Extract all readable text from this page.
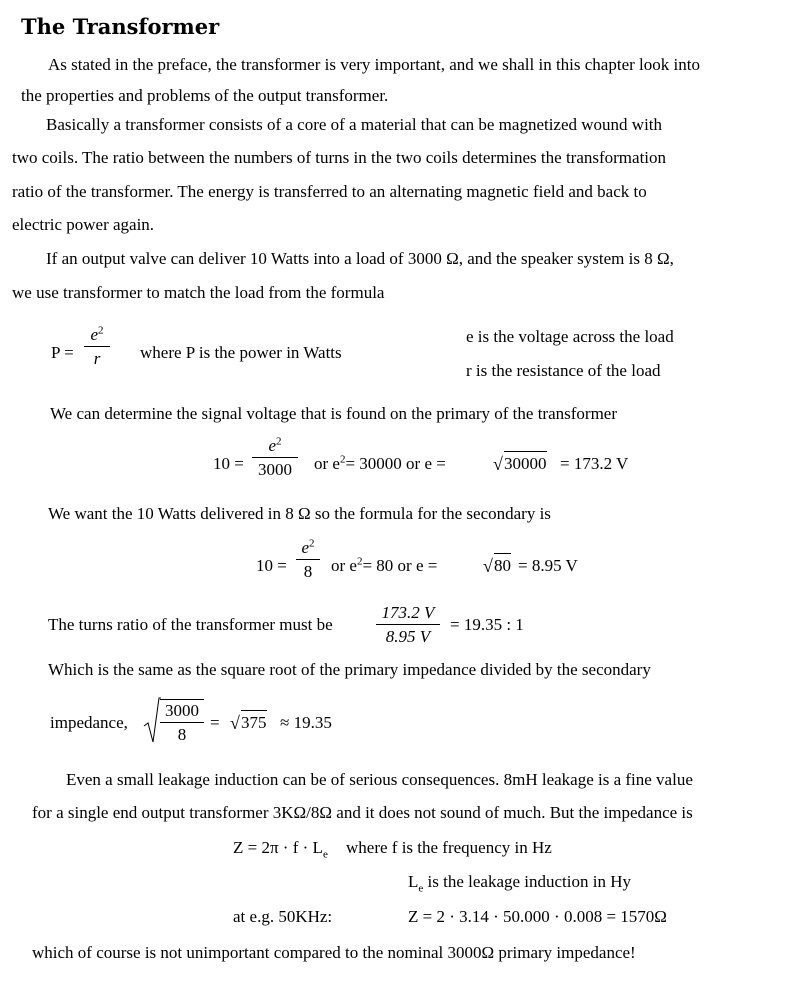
The Transformer
As stated in the preface, the transformer is very important, and we shall in this chapter look into
the properties and problems of the output transformer.
Basically a transformer consists of a core of a material that can be magnetized wound with
two coils. The ratio between the numbers of turns in the two coils determines the transformation
ratio of the transformer. The energy is transferred to an alternating magnetic field and back to
electric power again.
If an output valve can deliver 10 Watts into a load of 3000 Ω, and the speaker system is 8 Ω,
we use transformer to match the load from the formula
P =
$e^2$
r	where P is the power in Watts
e is the voltage across the load
r is the resistance of the load
We can determine the signal voltage that is found on the primary of the transformer
10 =
$e^2$
3000	or $e^2= 30000$ or e =	√ 30000 = 173.2 V
We want the 10 Watts delivered in 8 Ω so the formula for the secondary is
10 =
$e^2$
8	or $e^2= 80$ or e =	√ 80 = 8.95 V
The turns ratio of the transformer must be
173.2 V
8.95 V
= 19.35 : 1
Which is the same as the square root of the primary impedance divided by the secondary
impedance,
3000
8
= √ 375 ≈ 19.35
Even a small leakage induction can be of serious consequences. 8mH leakage is a fine value
for a single end output transformer 3KΩ/8Ω and it does not sound of much. But the impedance is
$Z = 2\pi \cdot f \cdot L_e$ where f is the frequency in Hz
$L_e$ is the leakage induction in Hy
at e.g. 50KHz:	Z = 2 · 3.14 · 50.000 · 0.008 = 1570Ω
which of course is not unimportant compared to the nominal 3000Ω primary impedance!
